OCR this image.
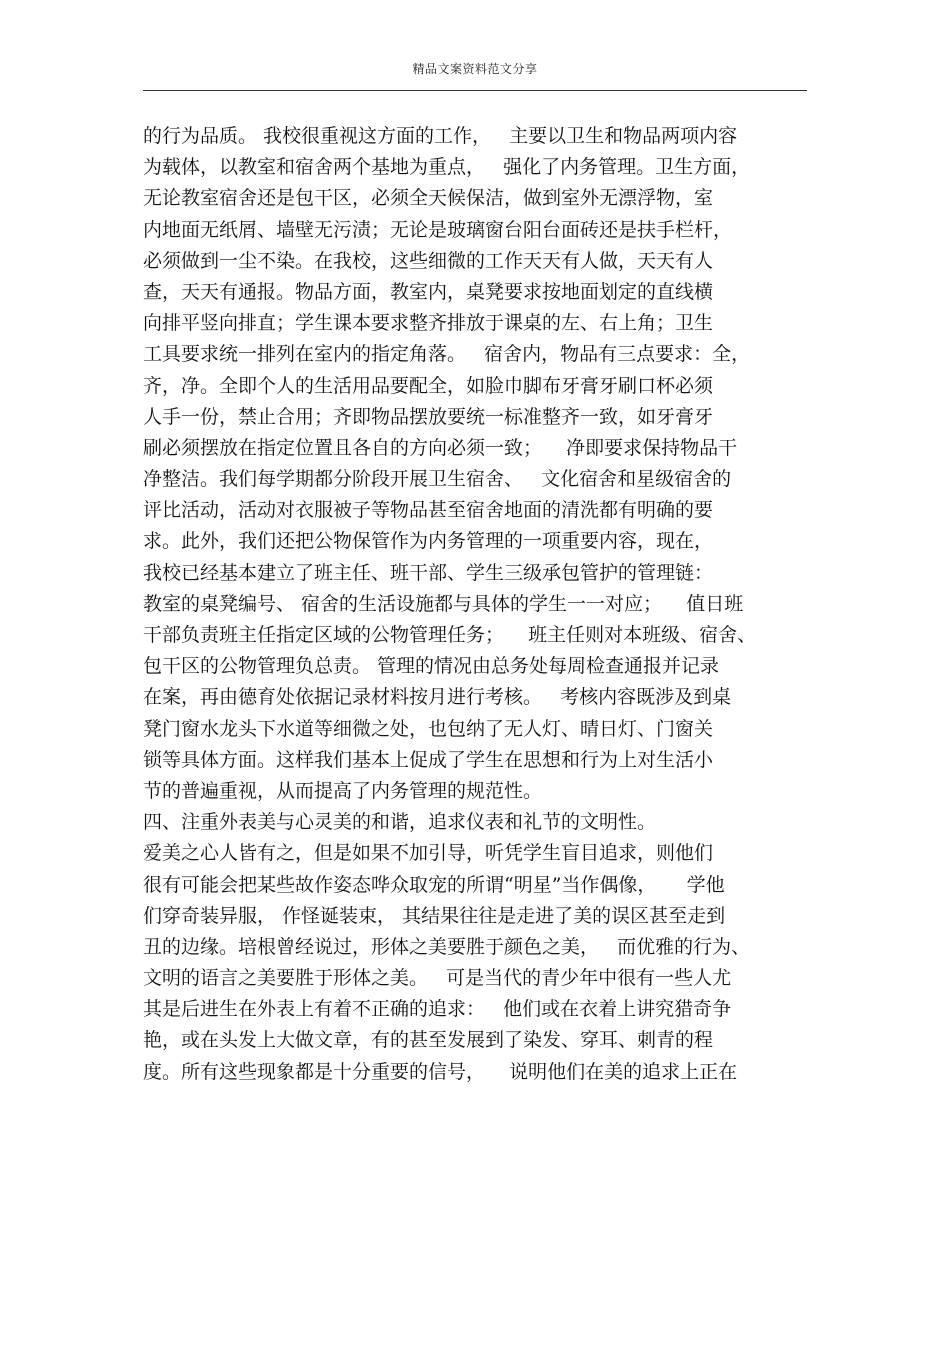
精品文案资料范文分享
的行为品质。 我校很重视这方面的工作，   主要以卫生和物品两项内容
为载体，以教室和宿舍两个基地为重点，   强化了内务管理。卫生方面，
无论教室宿舍还是包干区，必须全天候保洁，做到室外无漂浮物，室
内地面无纸屑、墙壁无污渍；无论是玻璃窗台阳台面砖还是扶手栏杆，
必须做到一尘不染。在我校，这些细微的工作天天有人做，天天有人
查，天天有通报。物品方面，教室内，桌凳要求按地面划定的直线横
向排平竖向排直；学生课本要求整齐排放于课桌的左、右上角；卫生
工具要求统一排列在室内的指定角落。   宿舍内，物品有三点要求：全，
齐，净。全即个人的生活用品要配全，如脸巾脚布牙膏牙刷口杯必须
人手一份，禁止合用；齐即物品摆放要统一标准整齐一致，如牙膏牙
刷必须摆放在指定位置且各自的方向必须一致；    净即要求保持物品干
净整洁。我们每学期都分阶段开展卫生宿舍、   文化宿舍和星级宿舍的
评比活动，活动对衣服被子等物品甚至宿舍地面的清洗都有明确的要
求。此外，我们还把公物保管作为内务管理的一项重要内容，现在，
我校已经基本建立了班主任、班干部、学生三级承包管护的管理链：
教室的桌凳编号、 宿舍的生活设施都与具体的学生一一对应；    值日班
干部负责班主任指定区域的公物管理任务；    班主任则对本班级、宿舍、
包干区的公物管理负总责。 管理的情况由总务处每周检查通报并记录
在案，再由德育处依据记录材料按月进行考核。   考核内容既涉及到桌
凳门窗水龙头下水道等细微之处，也包纳了无人灯、晴日灯、门窗关
锁等具体方面。这样我们基本上促成了学生在思想和行为上对生活小
节的普遍重视，从而提高了内务管理的规范性。
四、注重外表美与心灵美的和谐，追求仪表和礼节的文明性。
爱美之心人皆有之，但是如果不加引导，听凭学生盲目追求，则他们
很有可能会把某些故作姿态哗众取宠的所谓“明星”当作偶像，     学他
们穿奇装异服， 作怪诞装束， 其结果往往是走进了美的误区甚至走到
丑的边缘。培根曾经说过，形体之美要胜于颜色之美，   而优雅的行为、
文明的语言之美要胜于形体之美。   可是当代的青少年中很有一些人尤
其是后进生在外表上有着不正确的追求：   他们或在衣着上讲究猎奇争
艳，或在头发上大做文章，有的甚至发展到了染发、穿耳、刺青的程
度。所有这些现象都是十分重要的信号，    说明他们在美的追求上正在
